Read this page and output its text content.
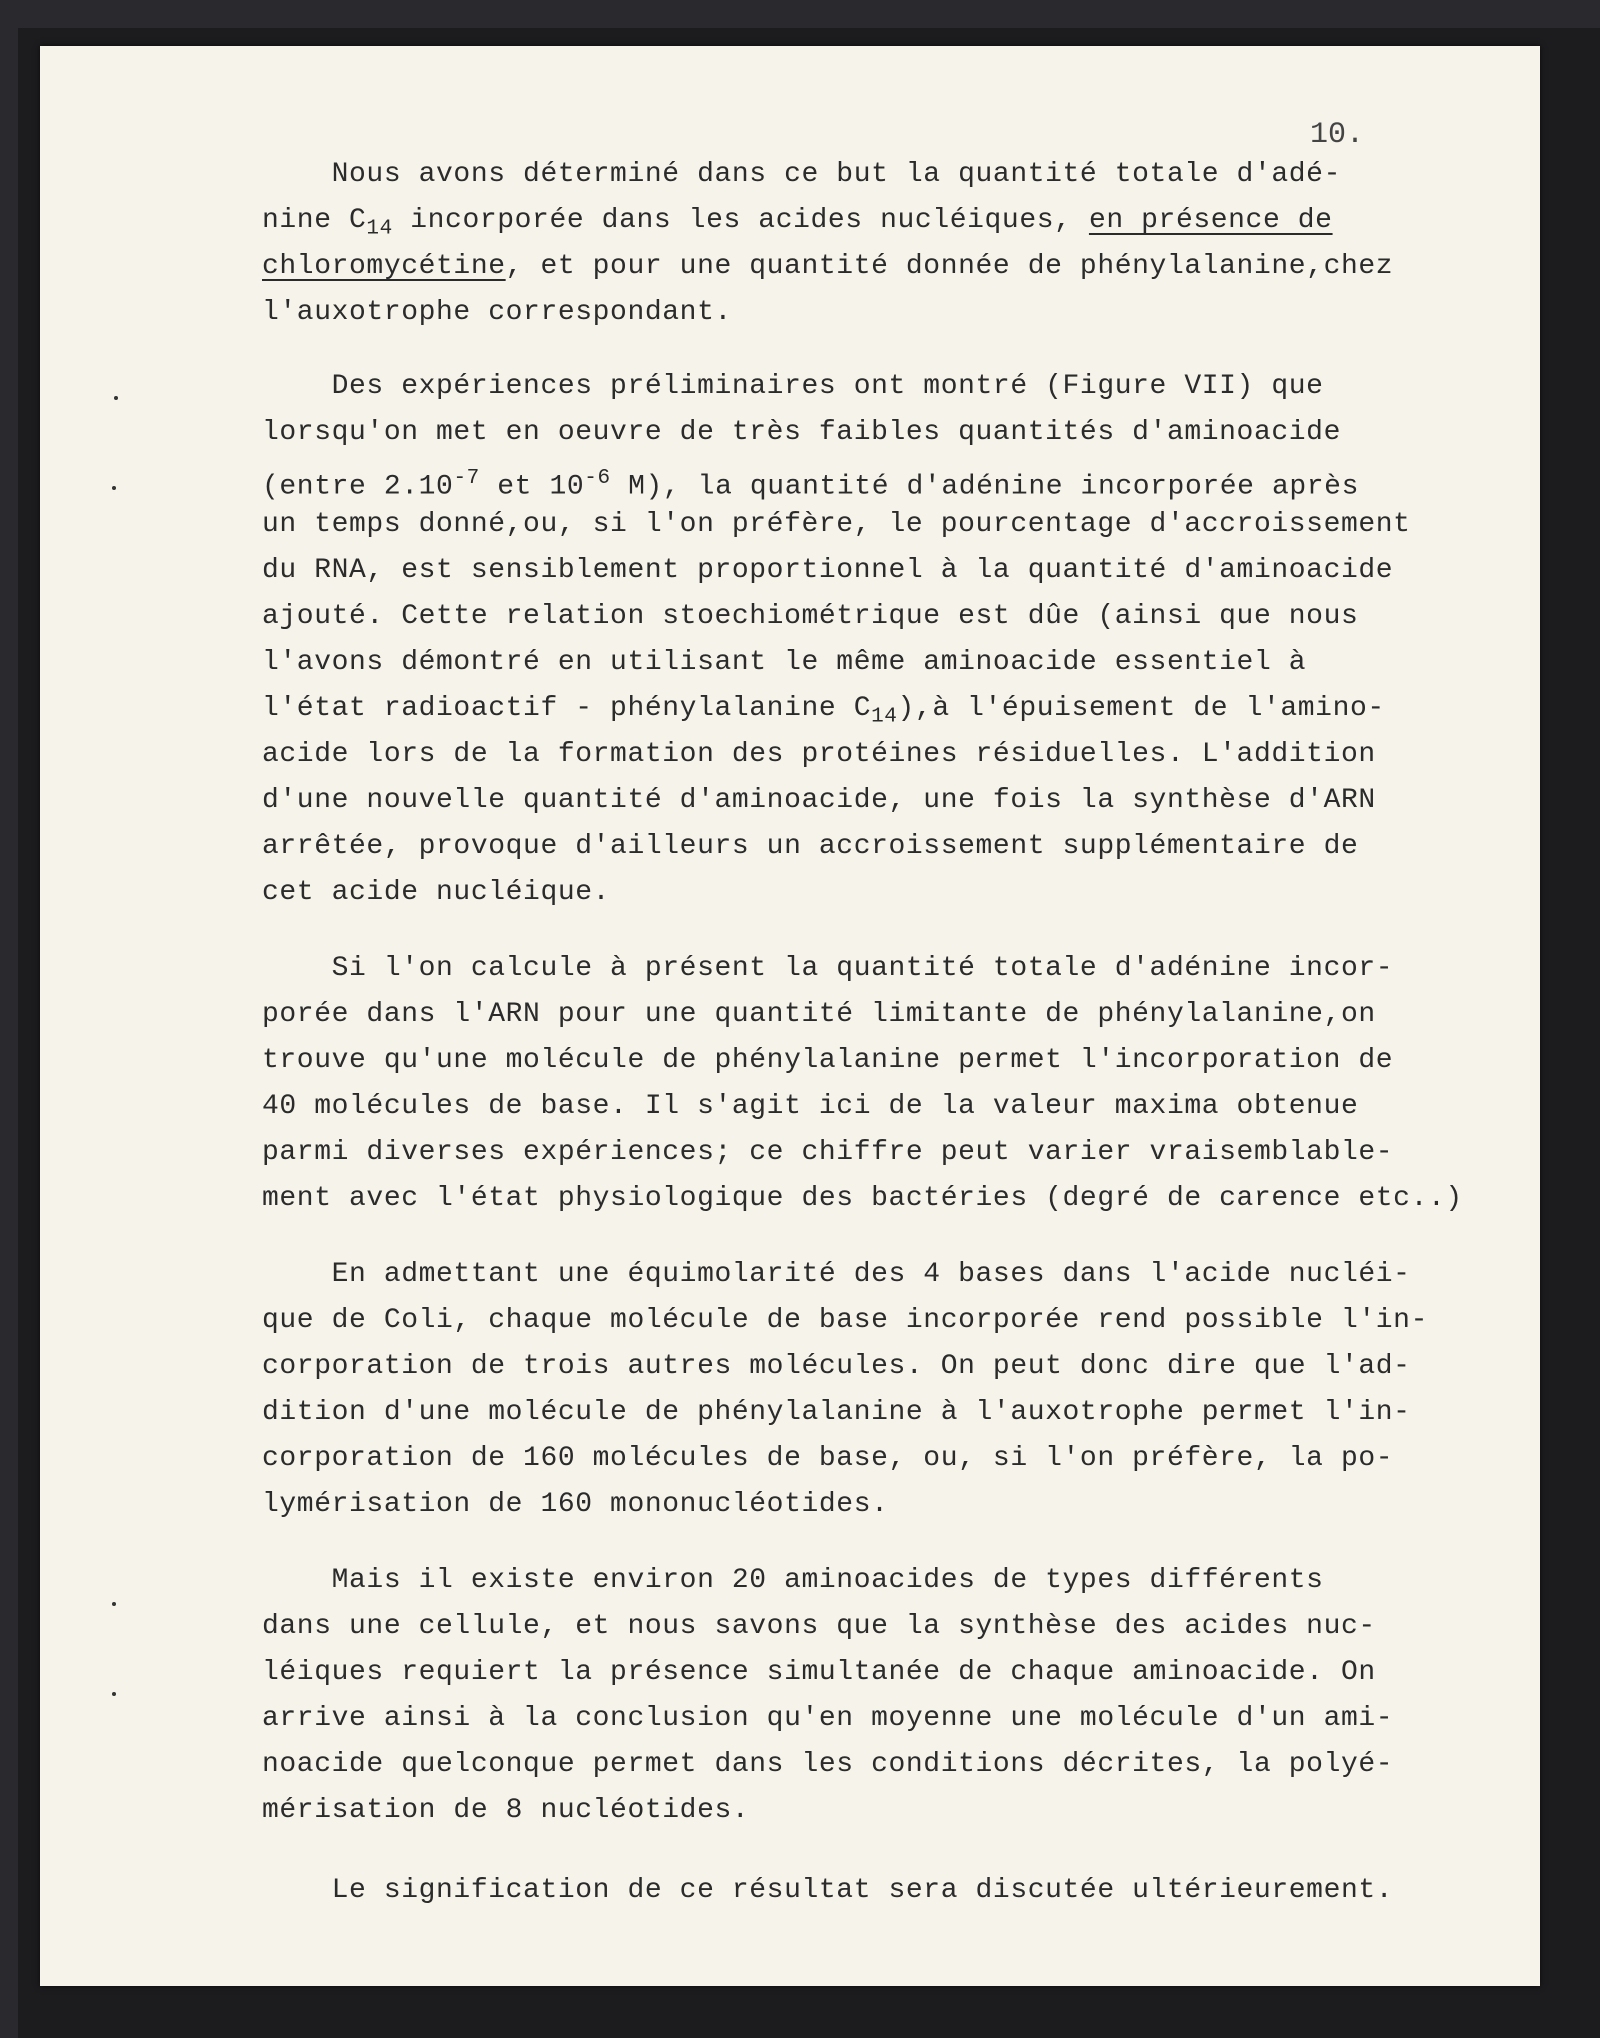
10.
Nous avons déterminé dans ce but la quantité totale d'adé-
nine $C_{14}$ incorporée dans les acides nucléiques, en présence de
chloromycétine, et pour une quantité donnée de phénylalanine,chez
l'auxotrophe correspondant.
Des expériences préliminaires ont montré (Figure VII) que
lorsqu'on met en oeuvre de très faibles quantités d'aminoacide
(entre $2.10^{-7}$ et $10^{-6}$ M), la quantité d'adénine incorporée après
un temps donné,ou, si l'on préfère, le pourcentage d'accroissement
du RNA, est sensiblement proportionnel à la quantité d'aminoacide
ajouté. Cette relation stoechiométrique est dûe (ainsi que nous
l'avons démontré en utilisant le même aminoacide essentiel à
l'état radioactif - phénylalanine $C_{14}),à$ l'épuisement de l'amino-
acide lors de la formation des protéines résiduelles. L'addition
d'une nouvelle quantité d'aminoacide, une fois la synthèse d'ARN
arrêtée, provoque d'ailleurs un accroissement supplémentaire de
cet acide nucléique.
Si l'on calcule à présent la quantité totale d'adénine incor-
porée dans l'ARN pour une quantité limitante de phénylalanine,on
trouve qu'une molécule de phénylalanine permet l'incorporation de
40 molécules de base. Il s'agit ici de la valeur maxima obtenue
parmi diverses expériences; ce chiffre peut varier vraisemblable-
ment avec l'état physiologique des bactéries (degré de carence etc..)
En admettant une équimolarité des 4 bases dans l'acide nucléi-
que de Coli, chaque molécule de base incorporée rend possible l'in-
corporation de trois autres molécules. On peut donc dire que l'ad-
dition d'une molécule de phénylalanine à l'auxotrophe permet l'in-
corporation de 160 molécules de base, ou, si l'on préfère, la po-
lymérisation de 160 mononucléotides.
Mais il existe environ 20 aminoacides de types différents
dans une cellule, et nous savons que la synthèse des acides nuc-
léiques requiert la présence simultanée de chaque aminoacide. On
arrive ainsi à la conclusion qu'en moyenne une molécule d'un ami-
noacide quelconque permet dans les conditions décrites, la polyé-
mérisation de 8 nucléotides.
Le signification de ce résultat sera discutée ultérieurement.
